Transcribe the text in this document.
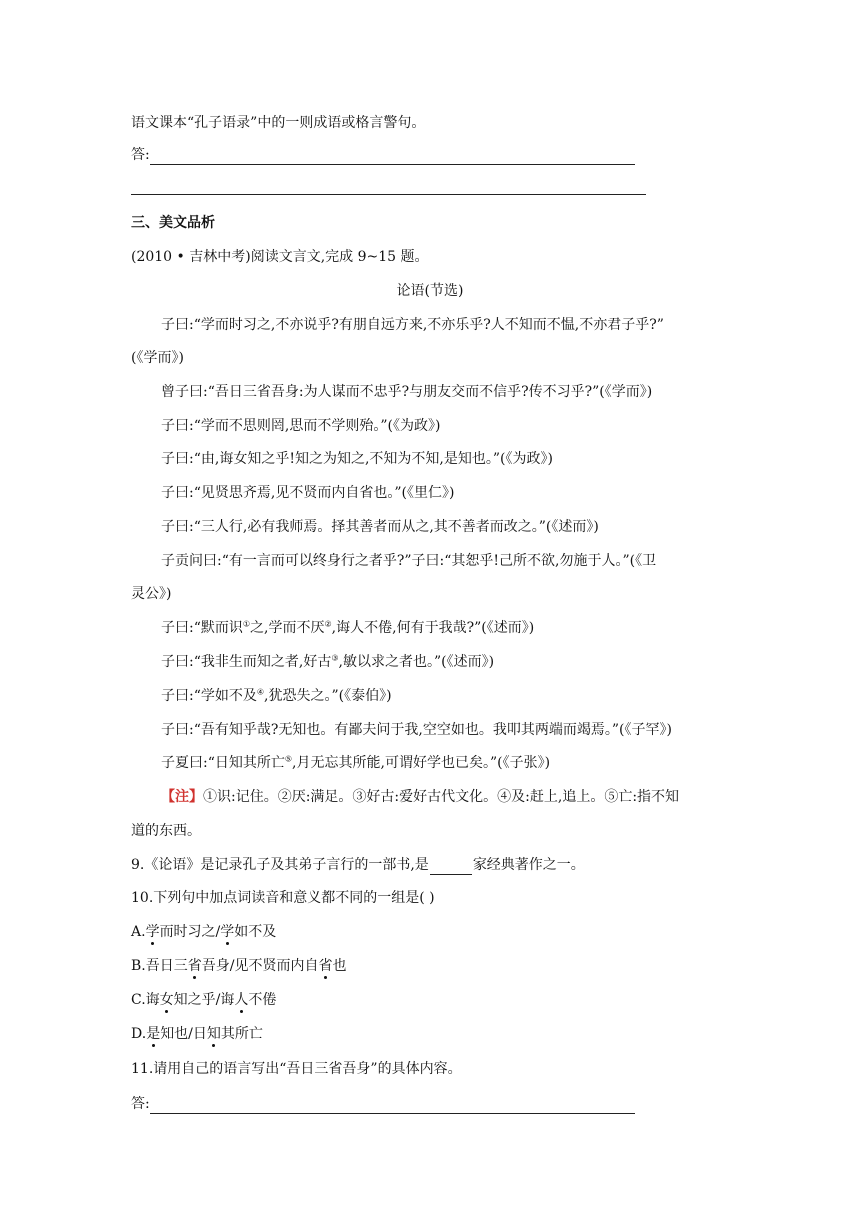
语文课本“孔子语录”中的一则成语或格言警句。
答:
三、美文品析
(2010 • 吉林中考)阅读文言文,完成 9~15 题。
论语(节选)
子曰:“学而时习之,不亦说乎?有朋自远方来,不亦乐乎?人不知而不愠,不亦君子乎?”
(《学而》)
曾子曰:“吾日三省吾身:为人谋而不忠乎?与朋友交而不信乎?传不习乎?”(《学而》)
子曰:“学而不思则罔,思而不学则殆。”(《为政》)
子曰:“由,诲女知之乎!知之为知之,不知为不知,是知也。”(《为政》)
子曰:“见贤思齐焉,见不贤而内自省也。”(《里仁》)
子曰:“三人行,必有我师焉。择其善者而从之,其不善者而改之。”(《述而》)
子贡问曰:“有一言而可以终身行之者乎?”子曰:“其恕乎!己所不欲,勿施于人。”(《卫
灵公》)
子曰:“默而识①之,学而不厌②,诲人不倦,何有于我哉?”(《述而》)
子曰:“我非生而知之者,好古③,敏以求之者也。”(《述而》)
子曰:“学如不及④,犹恐失之。”(《泰伯》)
子曰:“吾有知乎哉?无知也。有鄙夫问于我,空空如也。我叩其两端而竭焉。”(《子罕》)
子夏曰:“日知其所亡⑤,月无忘其所能,可谓好学也已矣。”(《子张》)
【注】①识:记住。②厌:满足。③好古:爱好古代文化。④及:赶上,追上。⑤亡:指不知
道的东西。
9.《论语》是记录孔子及其弟子言行的一部书,是	家经典著作之一。
10.下列句中加点词读音和意义都不同的一组是( )
A.学而时习之/学如不及
B.吾日三省吾身/见不贤而内自省也
C.诲女知之乎/诲人不倦
D.是知也/日知其所亡
11.请用自己的语言写出“吾日三省吾身”的具体内容。
答:
